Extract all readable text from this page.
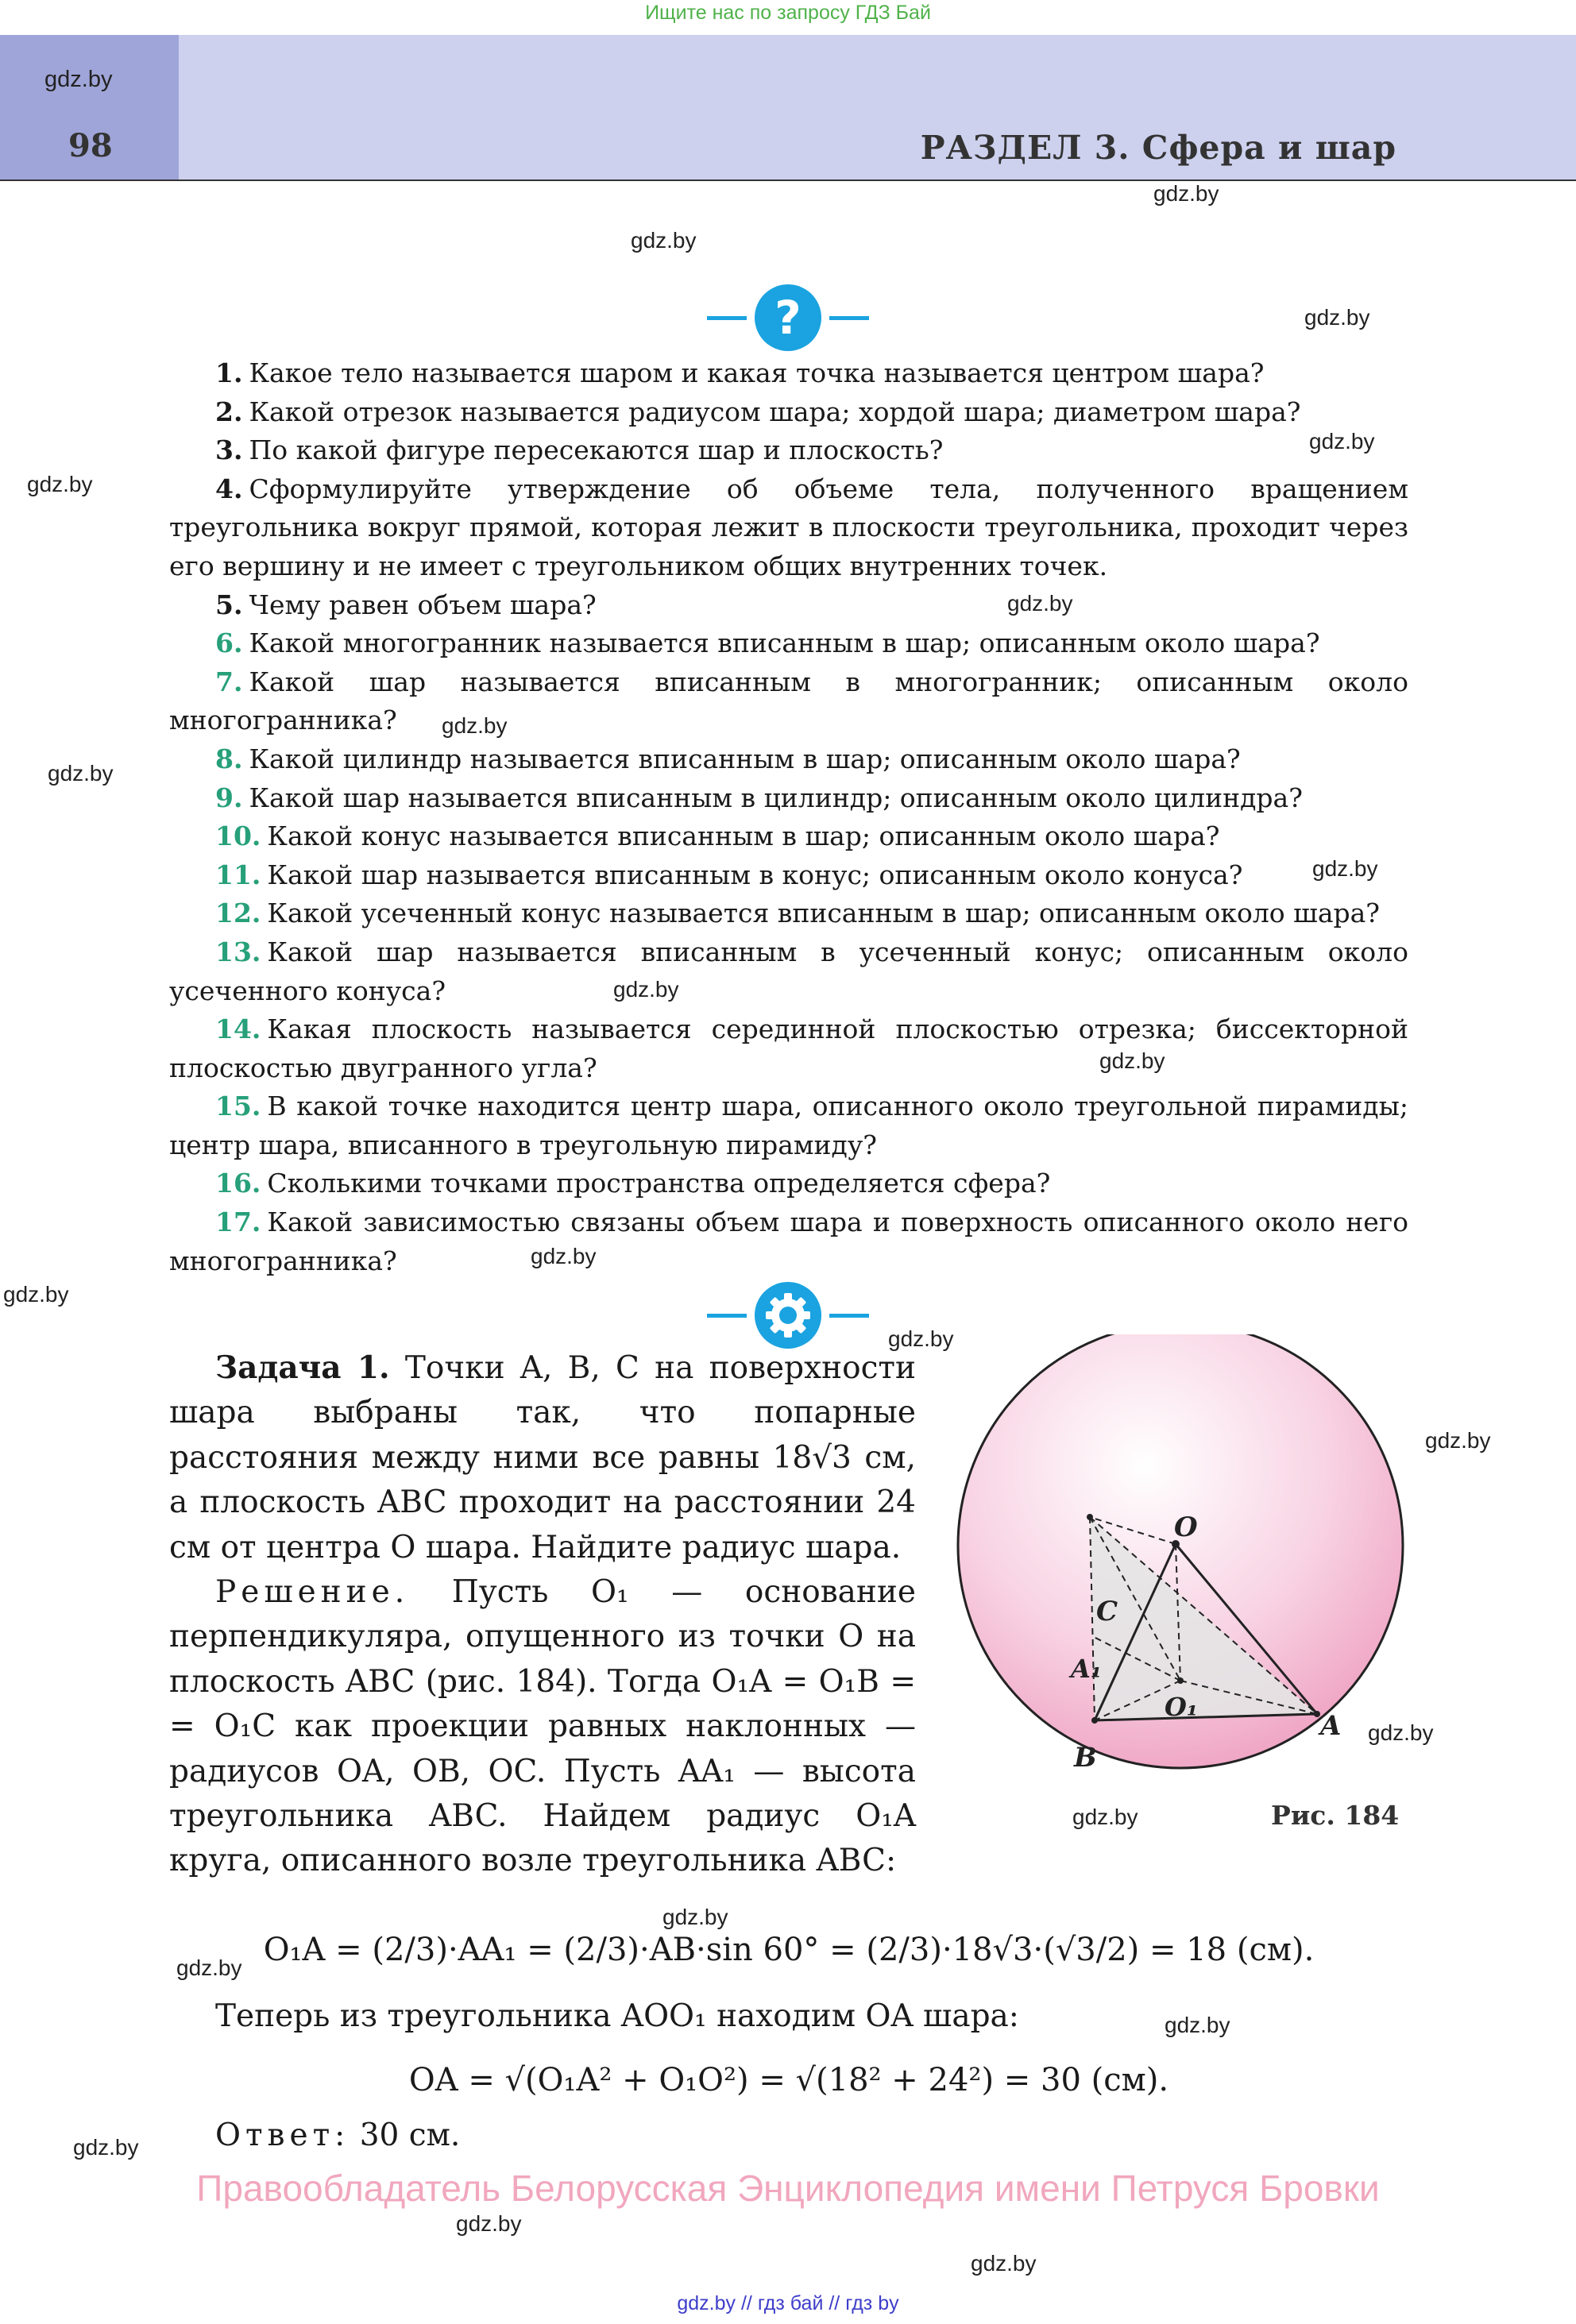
Ищите нас по запросу ГДЗ Бай
gdz.by
98	РАЗДЕЛ 3. Сфера и шар
gdz.by
gdz.by
gdz.by
gdz.by
gdz.by
gdz.by
gdz.by
gdz.by
gdz.by
gdz.by
gdz.by
gdz.by
gdz.by
gdz.by
gdz.by
gdz.by
gdz.by
gdz.by
gdz.by
gdz.by
gdz.by
gdz.by
gdz.by
?
1. Какое тело называется шаром и какая точка называется центром шара?
2. Какой отрезок называется радиусом шара; хордой шара; диаметром шара?
3. По какой фигуре пересекаются шар и плоскость?
4. Сформулируйте утверждение об объеме тела, полученного вращением треугольника вокруг прямой, которая лежит в плоскости треугольника, проходит через его вершину и не имеет с треугольником общих внутренних точек.
5. Чему равен объем шара?
6. Какой многогранник называется вписанным в шар; описанным около шара?
7. Какой шар называется вписанным в многогранник; описанным около многогранника?
8. Какой цилиндр называется вписанным в шар; описанным около шара?
9. Какой шар называется вписанным в цилиндр; описанным около цилиндра?
10. Какой конус называется вписанным в шар; описанным около шара?
11. Какой шар называется вписанным в конус; описанным около конуса?
12. Какой усеченный конус называется вписанным в шар; описанным около шара?
13. Какой шар называется вписанным в усеченный конус; описанным около усеченного конуса?
14. Какая плоскость называется серединной плоскостью отрезка; биссекторной плоскостью двугранного угла?
15. В какой точке находится центр шара, описанного около треугольной пирамиды; центр шара, вписанного в треугольную пирамиду?
16. Сколькими точками пространства определяется сфера?
17. Какой зависимостью связаны объем шара и поверхность описанного около него многогранника?

Задача 1. Точки A, B, C на поверхности шара выбраны так, что попарные расстояния между ними все равны 18√3 см, а плоскость ABC проходит на расстоянии 24 см от центра O шара. Найдите радиус шара.

Решение. Пусть O₁ — основание перпендикуляра, опущенного из точки O на плоскость ABC (рис. 184). Тогда O₁A = O₁B = = O₁C как проекции равных наклонных — радиусов OA, OB, OC. Пусть AA₁ — высота треугольника ABC. Найдем радиус O₁A круга, описанного возле треугольника ABC:

O₁A = (2/3)·AA₁ = (2/3)·AB·sin 60° = (2/3)·18√3·(√3/2) = 18 (см).
Теперь из треугольника AOO₁ находим OA шара:
OA = √(O₁A² + O₁O²) = √(18² + 24²) = 30 (см).
Ответ: 30 см.
O
C
A₁
O₁
A
B
Рис. 184
Правообладатель Белорусская Энциклопедия имени Петруся Бровки
gdz.by // гдз бай // гдз by
